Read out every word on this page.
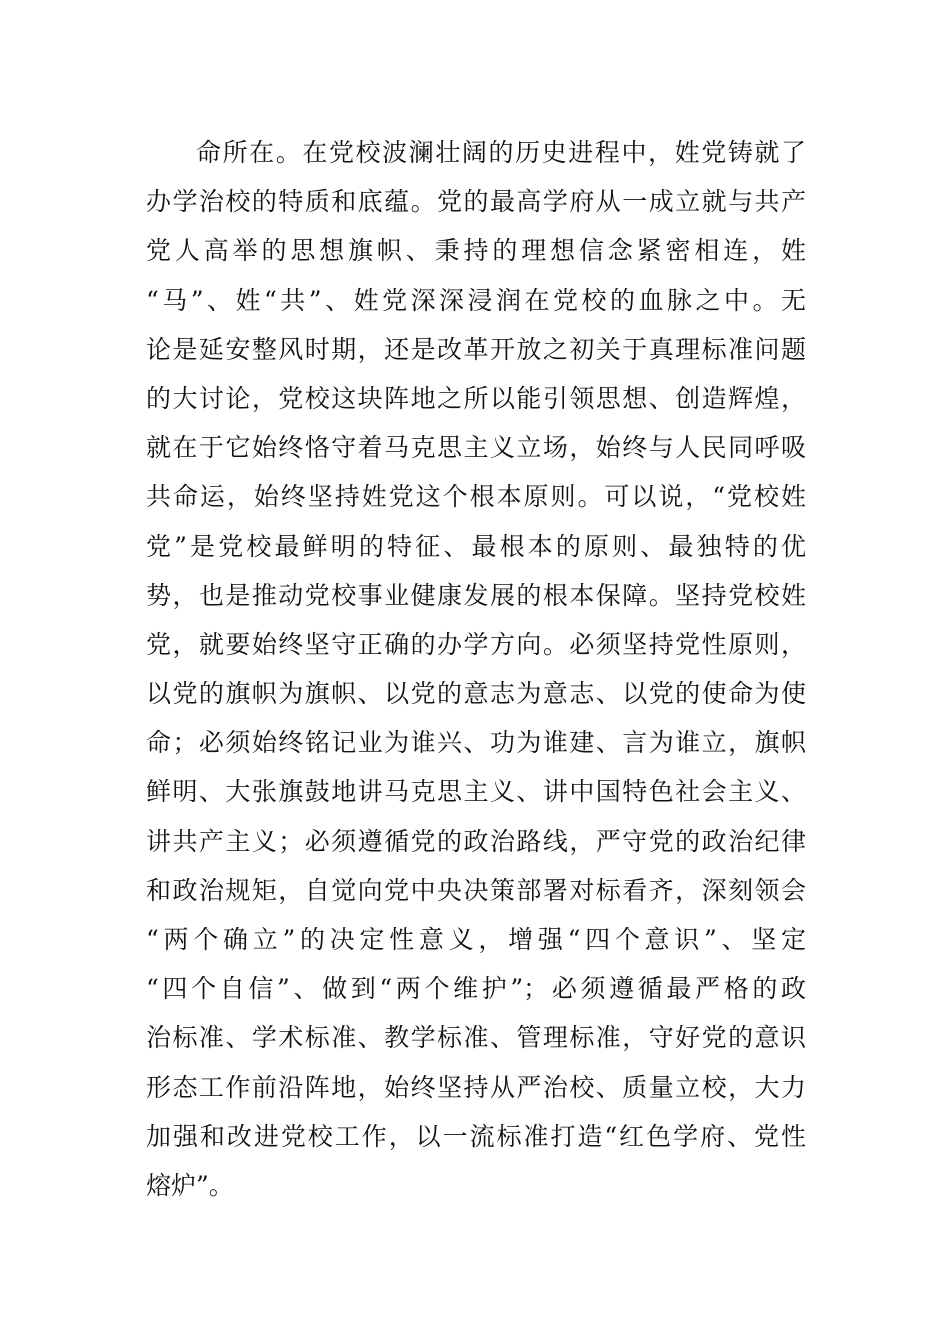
命所在。在党校波澜壮阔的历史进程中，姓党铸就了
办学治校的特质和底蕴。党的最高学府从一成立就与共产
党人高举的思想旗帜、秉持的理想信念紧密相连，姓
“马”、姓“共”、姓党深深浸润在党校的血脉之中。无
论是延安整风时期，还是改革开放之初关于真理标准问题
的大讨论，党校这块阵地之所以能引领思想、创造辉煌，
就在于它始终恪守着马克思主义立场，始终与人民同呼吸
共命运，始终坚持姓党这个根本原则。可以说，“党校姓
党”是党校最鲜明的特征、最根本的原则、最独特的优
势，也是推动党校事业健康发展的根本保障。坚持党校姓
党，就要始终坚守正确的办学方向。必须坚持党性原则，
以党的旗帜为旗帜、以党的意志为意志、以党的使命为使
命；必须始终铭记业为谁兴、功为谁建、言为谁立，旗帜
鲜明、大张旗鼓地讲马克思主义、讲中国特色社会主义、
讲共产主义；必须遵循党的政治路线，严守党的政治纪律
和政治规矩，自觉向党中央决策部署对标看齐，深刻领会
“两个确立”的决定性意义，增强“四个意识”、坚定
“四个自信”、做到“两个维护”；必须遵循最严格的政
治标准、学术标准、教学标准、管理标准，守好党的意识
形态工作前沿阵地，始终坚持从严治校、质量立校，大力
加强和改进党校工作，以一流标准打造“红色学府、党性
熔炉”。
